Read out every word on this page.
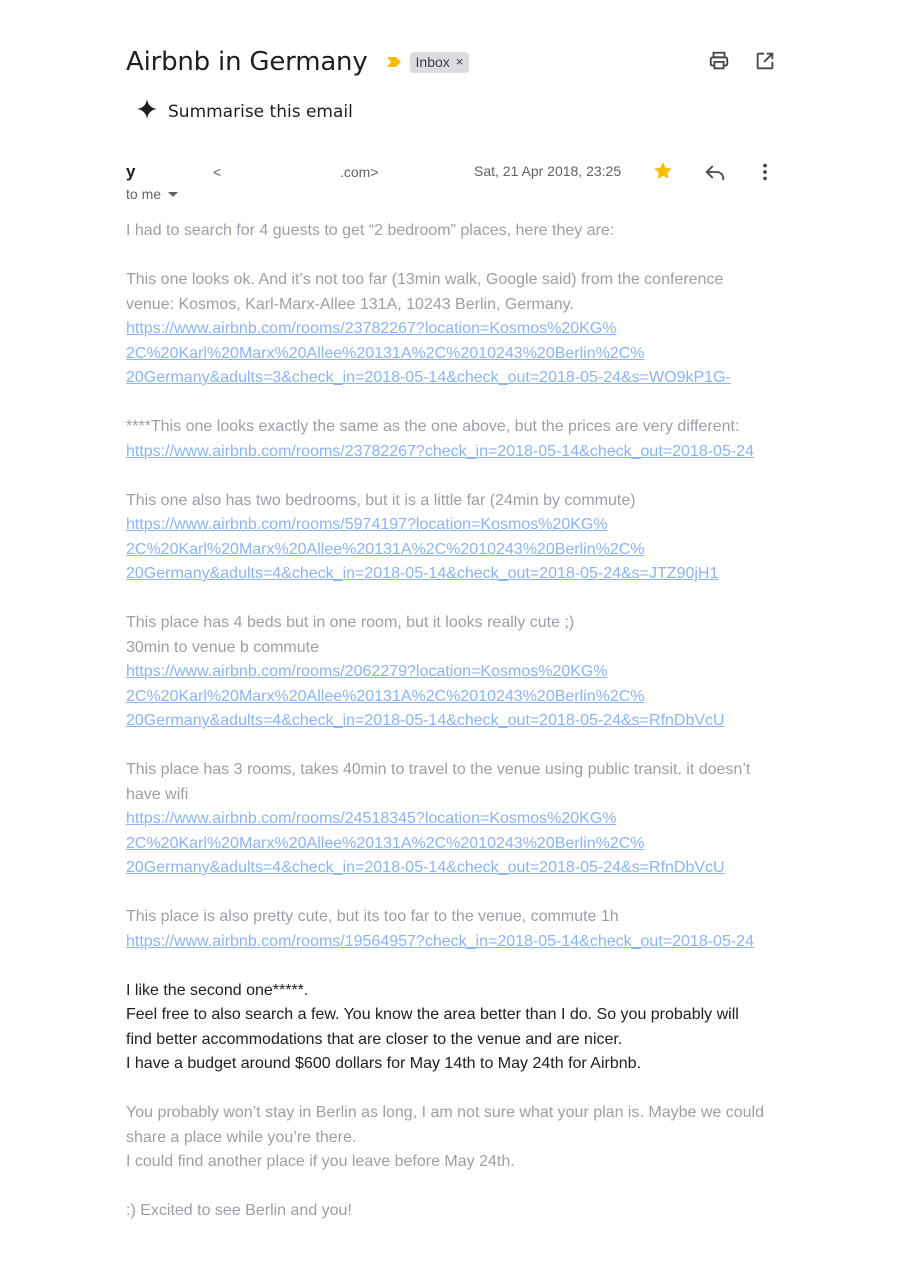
Airbnb in Germany	Inbox ×
Summarise this email
y	<	.com>	Sat, 21 Apr 2018, 23:25
to me

I had to search for 4 guests to get “2 bedroom” places, here they are:

This one looks ok. And it’s not too far (13min walk, Google said) from the conference
venue: Kosmos, Karl-Marx-Allee 131A, 10243 Berlin, Germany.
https://www.airbnb.com/rooms/23782267?location=Kosmos%20KG%
2C%20Karl%20Marx%20Allee%20131A%2C%2010243%20Berlin%2C%
20Germany&adults=3&check_in=2018-05-14&check_out=2018-05-24&s=WO9kP1G-

****This one looks exactly the same as the one above, but the prices are very different:
https://www.airbnb.com/rooms/23782267?check_in=2018-05-14&check_out=2018-05-24

This one also has two bedrooms, but it is a little far (24min by commute)
https://www.airbnb.com/rooms/5974197?location=Kosmos%20KG%
2C%20Karl%20Marx%20Allee%20131A%2C%2010243%20Berlin%2C%
20Germany&adults=4&check_in=2018-05-14&check_out=2018-05-24&s=JTZ90jH1

This place has 4 beds but in one room, but it looks really cute ;)
30min to venue b commute
https://www.airbnb.com/rooms/2062279?location=Kosmos%20KG%
2C%20Karl%20Marx%20Allee%20131A%2C%2010243%20Berlin%2C%
20Germany&adults=4&check_in=2018-05-14&check_out=2018-05-24&s=RfnDbVcU

This place has 3 rooms, takes 40min to travel to the venue using public transit. it doesn’t
have wifi
https://www.airbnb.com/rooms/24518345?location=Kosmos%20KG%
2C%20Karl%20Marx%20Allee%20131A%2C%2010243%20Berlin%2C%
20Germany&adults=4&check_in=2018-05-14&check_out=2018-05-24&s=RfnDbVcU

This place is also pretty cute, but its too far to the venue, commute 1h
https://www.airbnb.com/rooms/19564957?check_in=2018-05-14&check_out=2018-05-24

I like the second one*****.
Feel free to also search a few. You know the area better than I do. So you probably will
find better accommodations that are closer to the venue and are nicer.
I have a budget around $600 dollars for May 14th to May 24th for Airbnb.

You probably won’t stay in Berlin as long, I am not sure what your plan is. Maybe we could
share a place while you’re there.
I could find another place if you leave before May 24th.

:) Excited to see Berlin and you!
